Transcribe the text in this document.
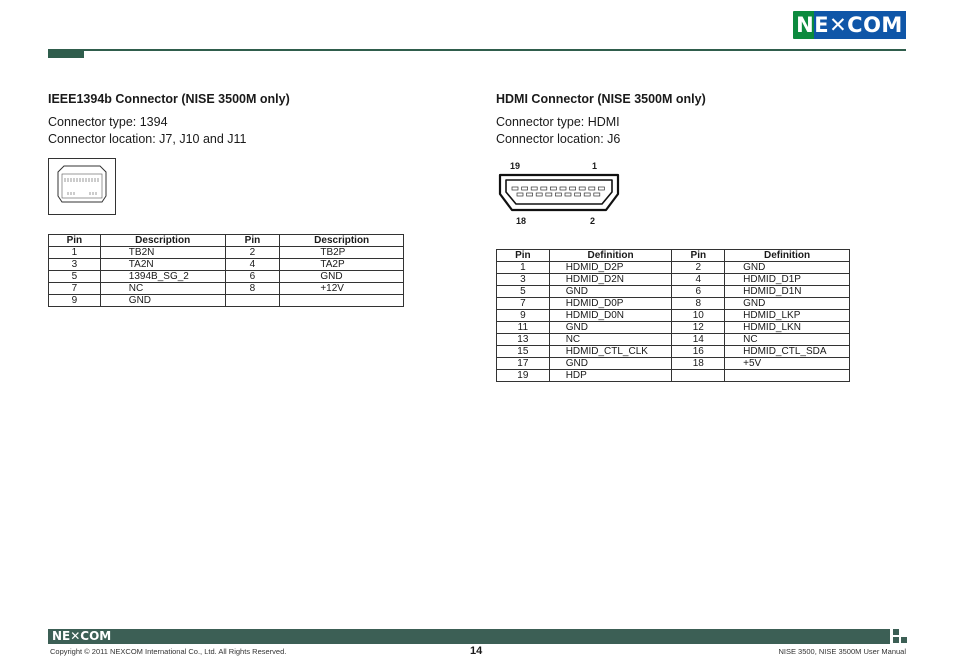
NE✕COM
IEEE1394b Connector (NISE 3500M only)

Connector type: 1394

Connector location: J7, J10 and J11

Pin	Description	Pin	Description
1	TB2N	2	TB2P
3	TA2N	4	TA2P
5	1394B_SG_2	6	GND
7	NC	8	+12V
9	GND		
HDMI Connector (NISE 3500M only)

Connector type: HDMI

Connector location: J6

19	1
18	2
Pin	Definition	Pin	Definition
1	HDMID_D2P	2	GND
3	HDMID_D2N	4	HDMID_D1P
5	GND	6	HDMID_D1N
7	HDMID_D0P	8	GND
9	HDMID_D0N	10	HDMID_LKP
11	GND	12	HDMID_LKN
13	NC	14	NC
15	HDMID_CTL_CLK	16	HDMID_CTL_SDA
17	GND	18	+5V
19	HDP		
NE✕COM
Copyright © 2011 NEXCOM International Co., Ltd. All Rights Reserved.	14	NISE 3500, NISE 3500M User Manual
